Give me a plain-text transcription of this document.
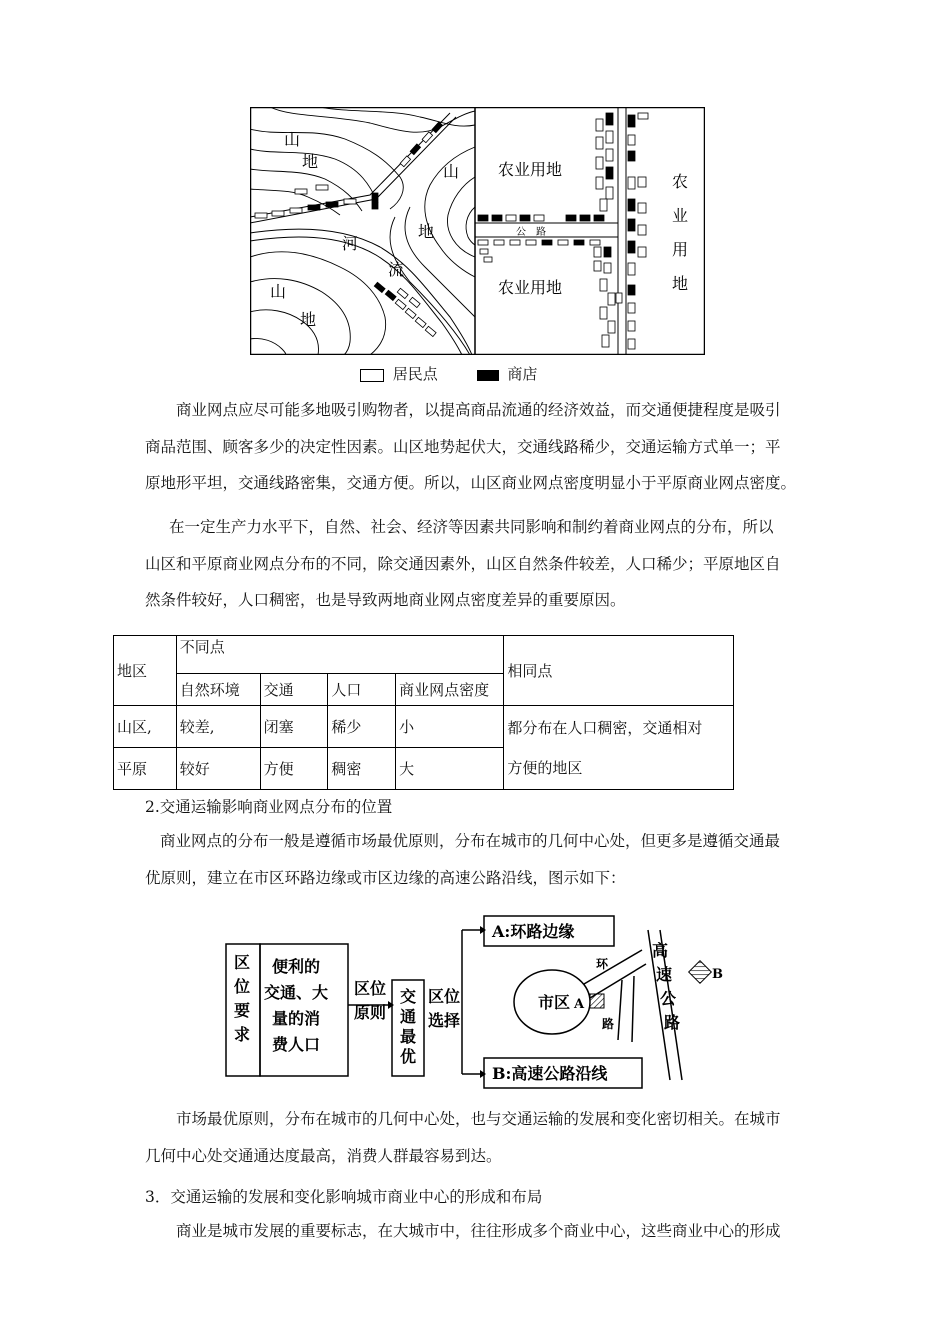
山
地
山
地
河
流
山
地
农业用地
农业用地
公　路
农
业
用
地
居民点	商店
商业网点应尽可能多地吸引购物者，以提高商品流通的经济效益，而交通便捷程度是吸引
商品范围、顾客多少的决定性因素。山区地势起伏大，交通线路稀少，交通运输方式单一；平
原地形平坦，交通线路密集，交通方便。所以，山区商业网点密度明显小于平原商业网点密度。
在一定生产力水平下，自然、社会、经济等因素共同影响和制约着商业网点的分布，所以
山区和平原商业网点分布的不同，除交通因素外，山区自然条件较差，人口稀少；平原地区自
然条件较好，人口稠密，也是导致两地商业网点密度差异的重要原因。
地区	不同点				相同点
	自然环境	交通	人口	商业网点密度	
山区,	较差,	闭塞	稀少	小	都分布在人口稠密，交通相对
方便的地区

平原	较好	方便	稠密	大	
2.交通运输影响商业网点分布的位置
商业网点的分布一般是遵循市场最优原则，分布在城市的几何中心处，但更多是遵循交通最
优原则，建立在市区环路边缘或市区边缘的高速公路沿线，图示如下：
区
位
要
求
便利的
交通、大
量的消
费人口
区位
原则
交
通
最
优
区位
选择
A:环路边缘
B:高速公路沿线
市区 A
B
环
路
高
速
公
路
市场最优原则，分布在城市的几何中心处，也与交通运输的发展和变化密切相关。在城市
几何中心处交通通达度最高，消费人群最容易到达。
3．交通运输的发展和变化影响城市商业中心的形成和布局
商业是城市发展的重要标志，在大城市中，往往形成多个商业中心，这些商业中心的形成
